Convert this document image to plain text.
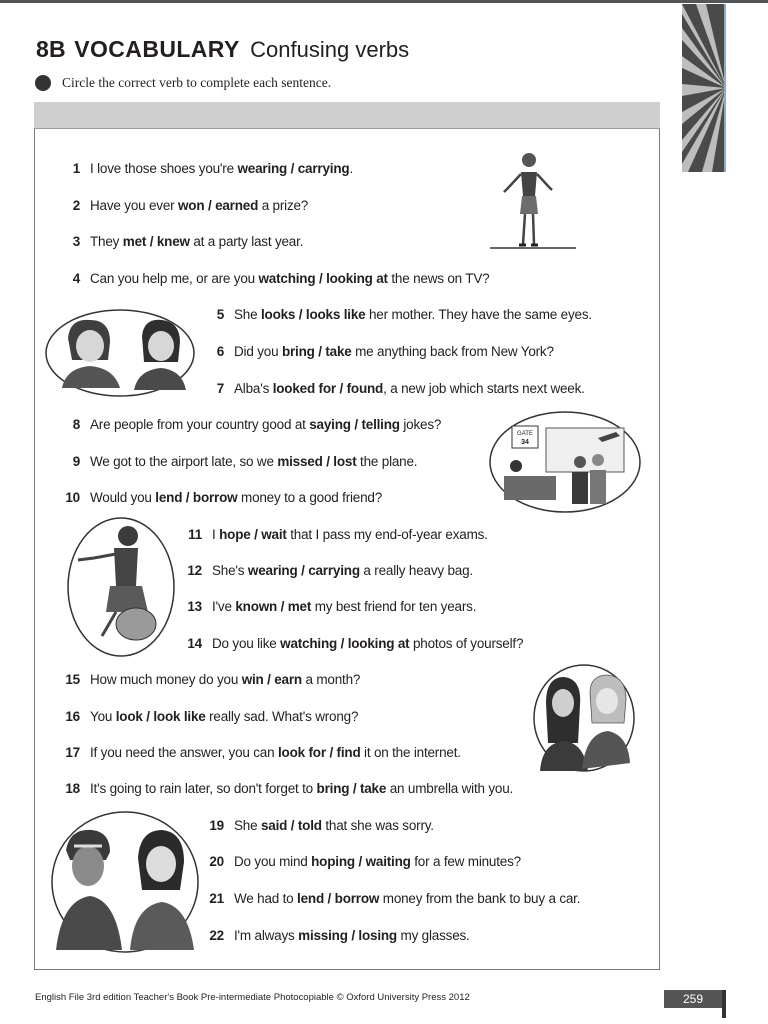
8B VOCABULARY Confusing verbs
Circle the correct verb to complete each sentence.
1 I love those shoes you're wearing / carrying.
2 Have you ever won / earned a prize?
3 They met / knew at a party last year.
4 Can you help me, or are you watching / looking at the news on TV?
5 She looks / looks like her mother. They have the same eyes.
6 Did you bring / take me anything back from New York?
7 Alba's looked for / found, a new job which starts next week.
8 Are people from your country good at saying / telling jokes?
9 We got to the airport late, so we missed / lost the plane.
10 Would you lend / borrow money to a good friend?
11 I hope / wait that I pass my end-of-year exams.
12 She's wearing / carrying a really heavy bag.
13 I've known / met my best friend for ten years.
14 Do you like watching / looking at photos of yourself?
15 How much money do you win / earn a month?
16 You look / look like really sad. What's wrong?
17 If you need the answer, you can look for / find it on the internet.
18 It's going to rain later, so don't forget to bring / take an umbrella with you.
19 She said / told that she was sorry.
20 Do you mind hoping / waiting for a few minutes?
21 We had to lend / borrow money from the bank to buy a car.
22 I'm always missing / losing my glasses.
GATE
34
English File 3rd edition Teacher's Book Pre-intermediate Photocopiable © Oxford University Press 2012	259
